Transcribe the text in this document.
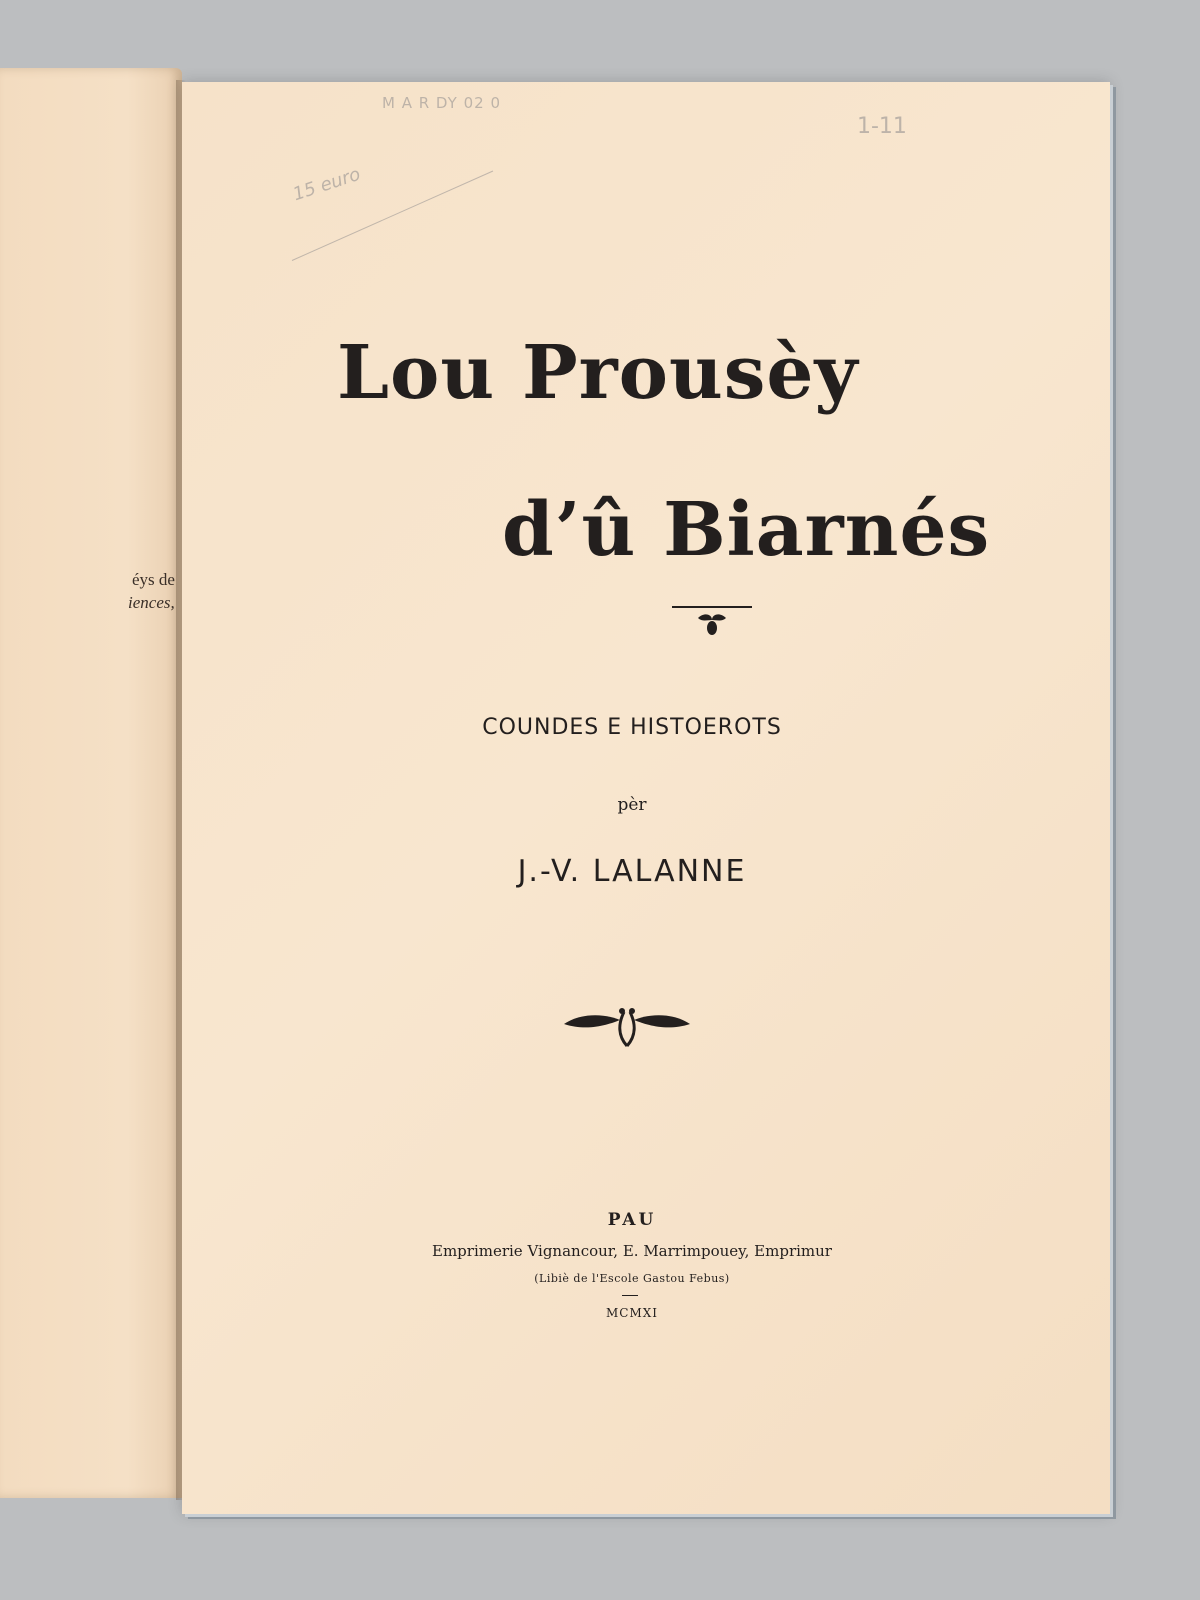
éys de
iences,
M A R DY 02 0
1-11
15 euro
Lou Prousèy
d’û Biarnés
COUNDES E HISTOEROTS
pèr
J.-V. LALANNE
PAU
Emprimerie Vignancour, E. Marrimpouey, Emprimur
(Libiè de l'Escole Gastou Febus)
MCMXI
